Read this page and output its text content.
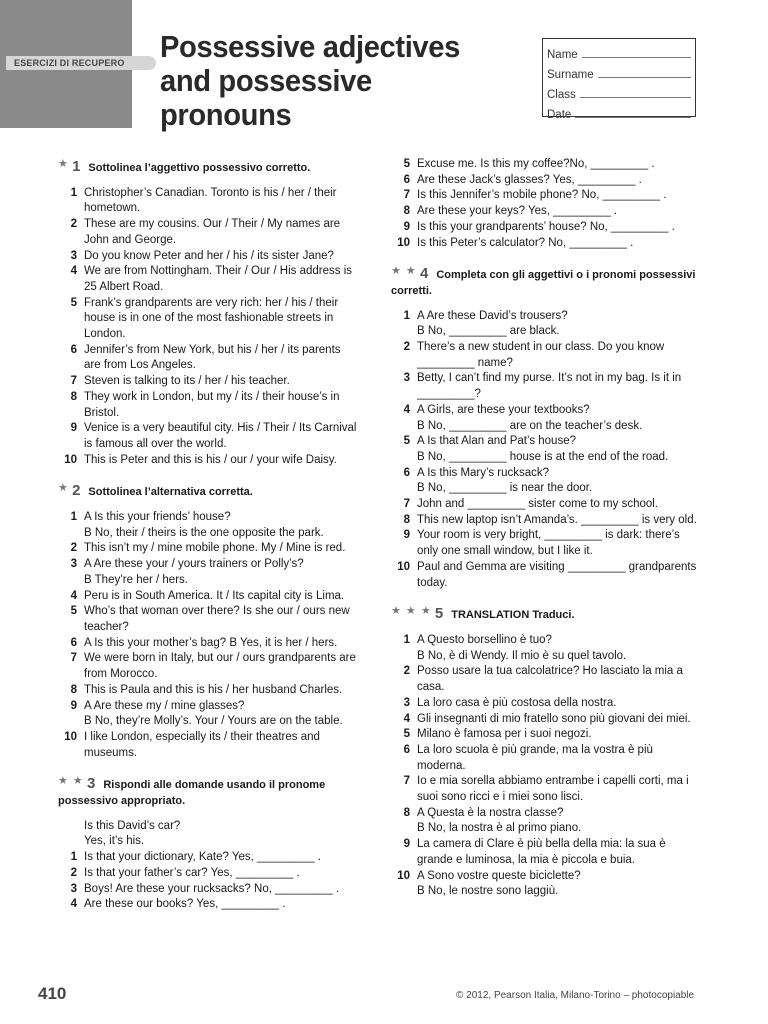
ESERCIZI DI RECUPERO	Possessive adjectives
and possessive
pronouns
Name
Surname
Class
Date
★ 1 Sottolinea l’aggettivo possessivo corretto.
1 Christopher’s Canadian. Toronto is his / her / their hometown.
2 These are my cousins. Our / Their / My names are John and George.
3 Do you know Peter and her / his / its sister Jane?
4 We are from Nottingham. Their / Our / His address is 25 Albert Road.
5 Frank’s grandparents are very rich: her / his / their house is in one of the most fashionable streets in London.
6 Jennifer’s from New York, but his / her / its parents are from Los Angeles.
7 Steven is talking to its / her / his teacher.
8 They work in London, but my / its / their house’s in Bristol.
9 Venice is a very beautiful city. His / Their / Its Carnival is famous all over the world.
10 This is Peter and this is his / our / your wife Daisy.
★ 2 Sottolinea l’alternativa corretta.
1 A Is this your friends’ house?
B No, their / theirs is the one opposite the park.
2 This isn’t my / mine mobile phone. My / Mine is red.
3 A Are these your / yours trainers or Polly’s?
B They’re her / hers.
4 Peru is in South America. It / Its capital city is Lima.
5 Who’s that woman over there? Is she our / ours new teacher?
6 A Is this your mother’s bag? B Yes, it is her / hers.
7 We were born in Italy, but our / ours grandparents are from Morocco.
8 This is Paula and this is his / her husband Charles.
9 A Are these my / mine glasses?
B No, they’re Molly’s. Your / Yours are on the table.
10 I like London, especially its / their theatres and museums.
★ ★ 3 Rispondi alle domande usando il pronome possessivo appropriato.
Is this David’s car?
Yes, it’s his.
1 Is that your dictionary, Kate? Yes, _________ .
2 Is that your father’s car? Yes, _________ .
3 Boys! Are these your rucksacks? No, _________ .
4 Are these our books? Yes, _________ .
5 Excuse me. Is this my coffee?No, _________ .
6 Are these Jack’s glasses? Yes, _________ .
7 Is this Jennifer’s mobile phone? No, _________ .
8 Are these your keys? Yes, _________ .
9 Is this your grandparents’ house? No, _________ .
10 Is this Peter’s calculator? No, _________ .
★ ★ 4 Completa con gli aggettivi o i pronomi possessivi corretti.
1 A Are these David’s trousers?
B No, _________ are black.
2 There’s a new student in our class. Do you know _________ name?
3 Betty, I can’t find my purse. It’s not in my bag. Is it in _________?
4 A Girls, are these your textbooks?
B No, _________ are on the teacher’s desk.
5 A Is that Alan and Pat’s house?
B No, _________ house is at the end of the road.
6 A Is this Mary’s rucksack?
B No, _________ is near the door.
7 John and _________ sister come to my school.
8 This new laptop isn’t Amanda’s. _________ is very old.
9 Your room is very bright, _________ is dark: there’s only one small window, but I like it.
10 Paul and Gemma are visiting _________ grandparents today.
★ ★ ★ 5 TRANSLATION Traduci.
1 A Questo borsellino è tuo?
B No, è di Wendy. Il mio è su quel tavolo.
2 Posso usare la tua calcolatrice? Ho lasciato la mia a casa.
3 La loro casa è più costosa della nostra.
4 Gli insegnanti di mio fratello sono più giovani dei miei.
5 Milano è famosa per i suoi negozi.
6 La loro scuola è più grande, ma la vostra è più moderna.
7 Io e mia sorella abbiamo entrambe i capelli corti, ma i suoi sono ricci e i miei sono lisci.
8 A Questa è la nostra classe?
B No, la nostra è al primo piano.
9 La camera di Clare è più bella della mia: la sua è grande e luminosa, la mia è piccola e buia.
10 A Sono vostre queste biciclette?
B No, le nostre sono laggiù.
410	© 2012, Pearson Italia, Milano-Torino – photocopiable
